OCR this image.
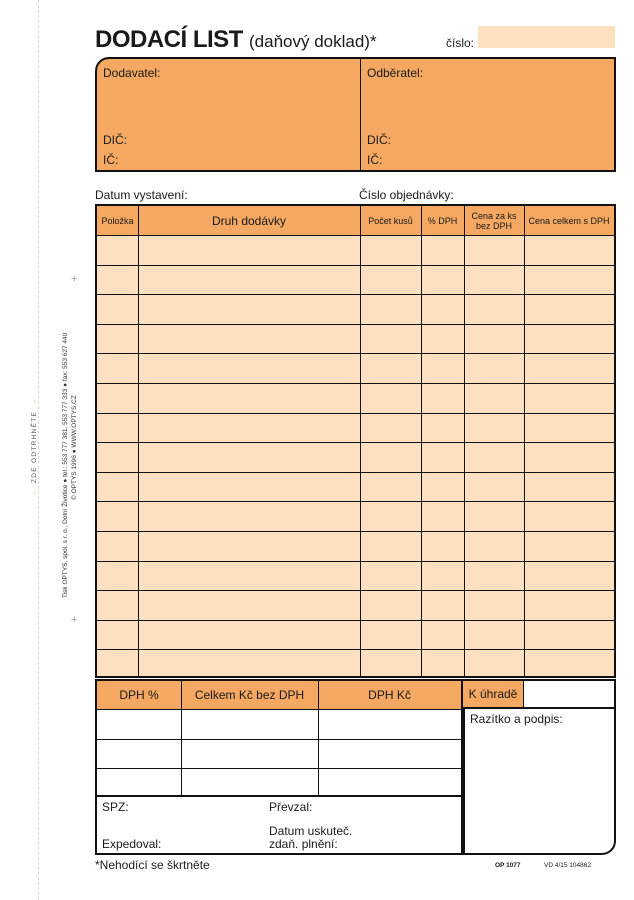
→  ZDE ODTRHNĚTE  →	Tisk OPTYS, spol. s r. o., Dolní Životice ● tel.: 553 777 381, 553 777 333 ● fax: 553 627 440 © OPTYS 1996 ● WWW.OPTYS.CZ
+
+
DODACÍ LIST (daňový doklad)*	číslo:
Dodavatel:	Odběratel:
DIČ:	DIČ:
IČ:	IČ:
Datum vystavení:	Číslo objednávky:
Položka	Druh dodávky	Počet kusů	% DPH	Cena za ks bez DPH	Cena celkem s DPH
DPH %	Celkem Kč bez DPH	DPH Kč	K úhradě
Razítko a podpis:
SPZ:	Převzal:
Datum uskuteč.
zdaň. plnění:
Expedoval:
*Nehodící se škrtněte	OP 1077	VD 4/15 104862
